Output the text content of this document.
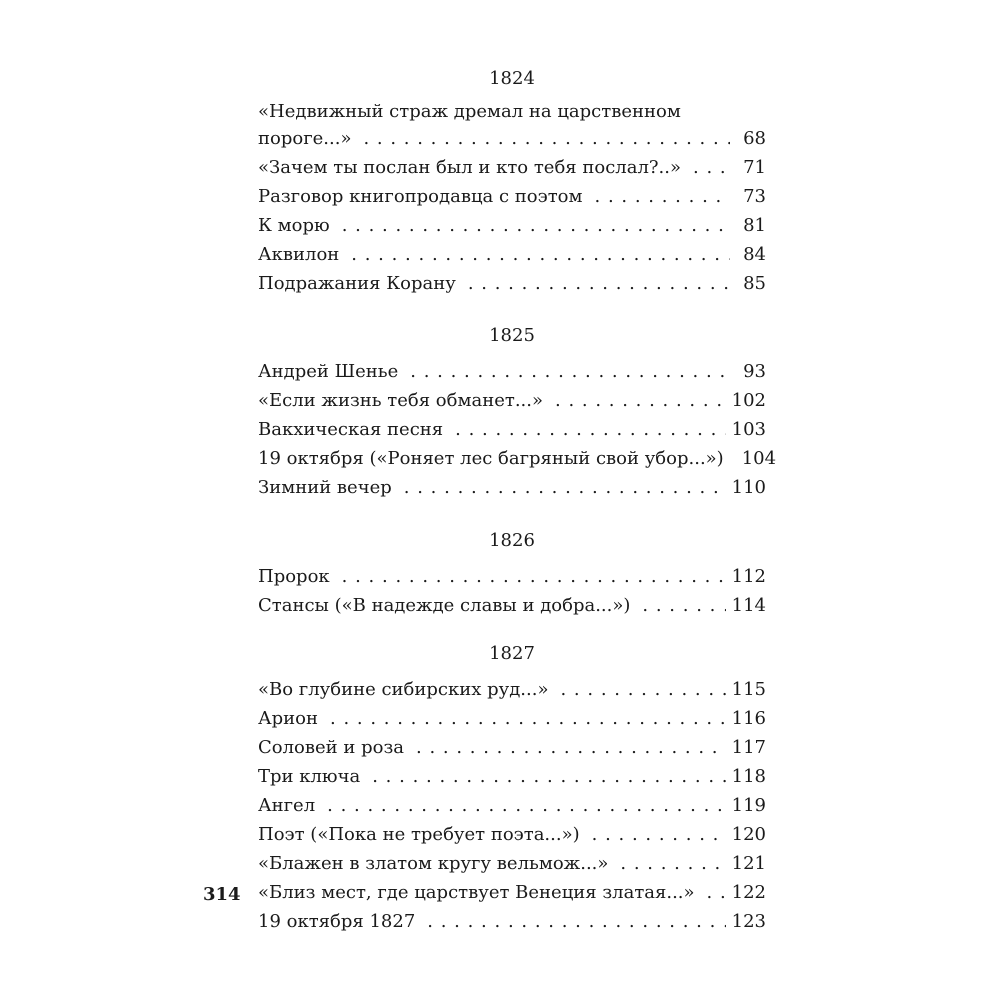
1824
«Недвижный страж дремал на царственном
пороге...» . . .	68
«Зачем ты послан был и кто тебя послал?..» . . .	71
Разговор книгопродавца с поэтом . . .	73
К морю . . .	81
Аквилон . . .	84
Подражания Корану . . .	85
1825
Андрей Шенье . . .	93
«Если жизнь тебя обманет...» . . .	102
Вакхическая песня . . .	103
19 октября («Роняет лес багряный свой убор...») 104
Зимний вечер . . .	110
1826
Пророк . . .	112
Стансы («В надежде славы и добра...») . . .	114
1827
«Во глубине сибирских руд...» . . .	115
Арион . . .	116
Соловей и роза . . .	117
Три ключа . . .	118
Ангел . . .	119
Поэт («Пока не требует поэта...») . . .	120
«Блажен в златом кругу вельмож...» . . .	121
«Близ мест, где царствует Венеция златая...» . . . 122
19 октября 1827 . . .	123
314
